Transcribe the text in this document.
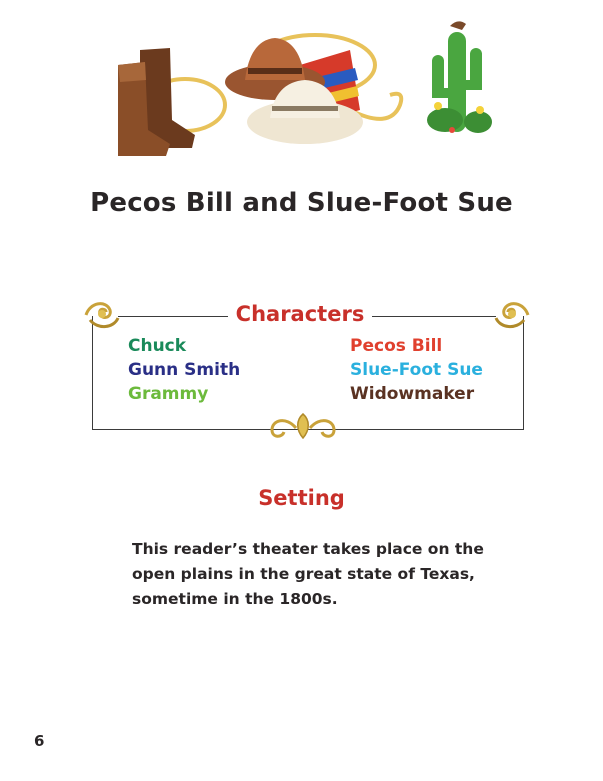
Pecos Bill and Slue-Foot Sue
Characters
Chuck
Gunn Smith
Grammy
Pecos Bill
Slue-Foot Sue
Widowmaker
Setting
This reader’s theater takes place on the
open plains in the great state of Texas,
sometime in the 1800s.
6
